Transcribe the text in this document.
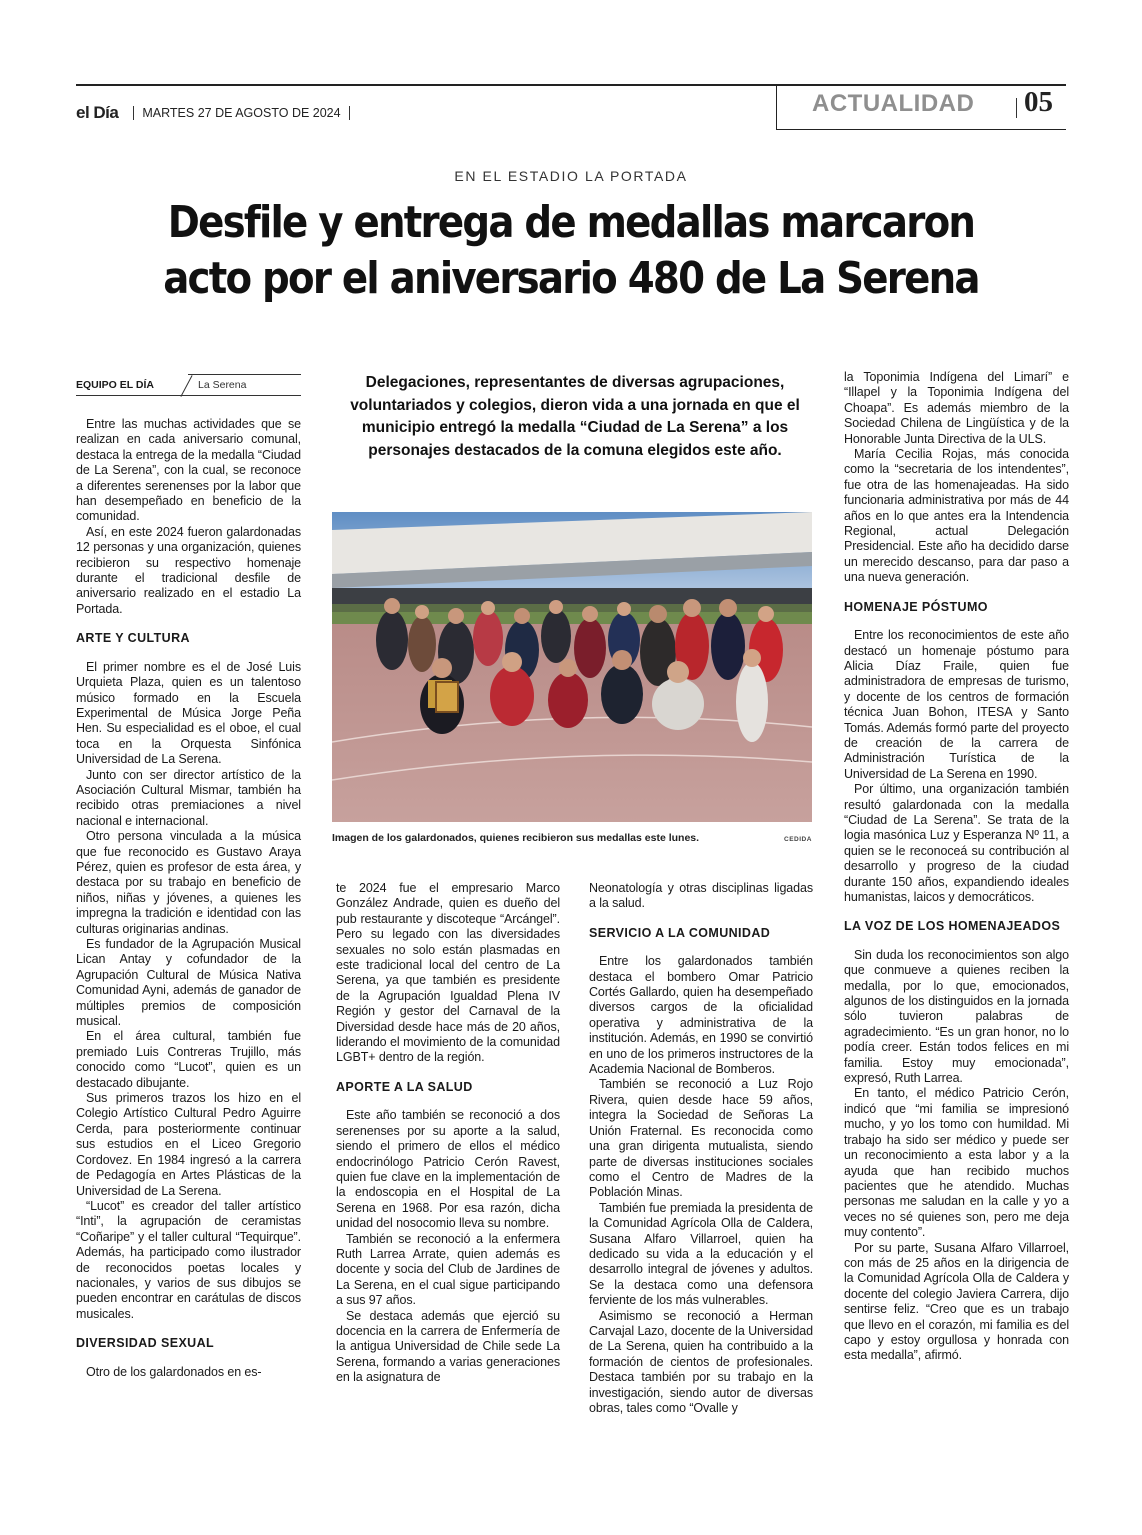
el Día MARTES 27 DE AGOSTO DE 2024	ACTUALIDAD 05
EN EL ESTADIO LA PORTADA
Desfile y entrega de medallas marcaron acto por el aniversario 480 de La Serena
EQUIPO EL DÍA	La Serena	Delegaciones, representantes de diversas agrupaciones, voluntariados y colegios, dieron vida a una jornada en que el municipio entregó la medalla “Ciudad de La Serena” a los personajes destacados de la comuna elegidos este año.
Imagen de los galardonados, quienes recibieron sus medallas este lunes.	CEDIDA

Entre las muchas actividades que se realizan en cada aniversario comunal, destaca la entrega de la medalla “Ciudad de La Serena”, con la cual, se reconoce a diferentes serenenses por la labor que han desempeñado en beneficio de la comunidad.

Así, en este 2024 fueron galardonadas 12 personas y una organización, quienes recibieron su respectivo homenaje durante el tradicional desfile de aniversario realizado en el estadio La Portada.

ARTE Y CULTURA

El primer nombre es el de José Luis Urquieta Plaza, quien es un talentoso músico formado en la Escuela Experimental de Música Jorge Peña Hen. Su especialidad es el oboe, el cual toca en la Orquesta Sinfónica Universidad de La Serena.

Junto con ser director artístico de la Asociación Cultural Mismar, también ha recibido otras premiaciones a nivel nacional e internacional.

Otro persona vinculada a la música que fue reconocido es Gustavo Araya Pérez, quien es profesor de esta área, y destaca por su trabajo en beneficio de niños, niñas y jóvenes, a quienes les impregna la tradición e identidad con las culturas originarias andinas.

Es fundador de la Agrupación Musical Lican Antay y cofundador de la Agrupación Cultural de Música Nativa Comunidad Ayni, además de ganador de múltiples premios de composición musical.

En el área cultural, también fue premiado Luis Contreras Trujillo, más conocido como “Lucot”, quien es un destacado dibujante.

Sus primeros trazos los hizo en el Colegio Artístico Cultural Pedro Aguirre Cerda, para posteriormente continuar sus estudios en el Liceo Gregorio Cordovez. En 1984 ingresó a la carrera de Pedagogía en Artes Plásticas de la Universidad de La Serena.

“Lucot” es creador del taller artístico “Inti”, la agrupación de ceramistas “Coñaripe” y el taller cultural “Tequirque”. Además, ha participado como ilustrador de reconocidos poetas locales y nacionales, y varios de sus dibujos se pueden encontrar en carátulas de discos musicales.

DIVERSIDAD SEXUAL

Otro de los galardonados en es-

te 2024 fue el empresario Marco González Andrade, quien es dueño del pub restaurante y discoteque “Arcángel”. Pero su legado con las diversidades sexuales no solo están plasmadas en este tradicional local del centro de La Serena, ya que también es presidente de la Agrupación Igualdad Plena IV Región y gestor del Carnaval de la Diversidad desde hace más de 20 años, liderando el movimiento de la comunidad LGBT+ dentro de la región.

APORTE A LA SALUD

Este año también se reconoció a dos serenenses por su aporte a la salud, siendo el primero de ellos el médico endocrinólogo Patricio Cerón Ravest, quien fue clave en la implementación de la endoscopia en el Hospital de La Serena en 1968. Por esa razón, dicha unidad del nosocomio lleva su nombre.

También se reconoció a la enfermera Ruth Larrea Arrate, quien además es docente y socia del Club de Jardines de La Serena, en el cual sigue participando a sus 97 años.

Se destaca además que ejerció su docencia en la carrera de Enfermería de la antigua Universidad de Chile sede La Serena, formando a varias generaciones en la asignatura de

Neonatología y otras disciplinas ligadas a la salud.

SERVICIO A LA COMUNIDAD

Entre los galardonados también destaca el bombero Omar Patricio Cortés Gallardo, quien ha desempeñado diversos cargos de la oficialidad operativa y administrativa de la institución. Además, en 1990 se convirtió en uno de los primeros instructores de la Academia Nacional de Bomberos.

También se reconoció a Luz Rojo Rivera, quien desde hace 59 años, integra la Sociedad de Señoras La Unión Fraternal. Es reconocida como una gran dirigenta mutualista, siendo parte de diversas instituciones sociales como el Centro de Madres de la Población Minas.

También fue premiada la presidenta de la Comunidad Agrícola Olla de Caldera, Susana Alfaro Villarroel, quien ha dedicado su vida a la educación y el desarrollo integral de jóvenes y adultos. Se la destaca como una defensora ferviente de los más vulnerables.

Asimismo se reconoció a Herman Carvajal Lazo, docente de la Universidad de La Serena, quien ha contribuido a la formación de cientos de profesionales. Destaca también por su trabajo en la investigación, siendo autor de diversas obras, tales como “Ovalle y

la Toponimia Indígena del Limarí” e “Illapel y la Toponimia Indígena del Choapa”. Es además miembro de la Sociedad Chilena de Lingüística y de la Honorable Junta Directiva de la ULS.

María Cecilia Rojas, más conocida como la “secretaria de los intendentes”, fue otra de las homenajeadas. Ha sido funcionaria administrativa por más de 44 años en lo que antes era la Intendencia Regional, actual Delegación Presidencial. Este año ha decidido darse un merecido descanso, para dar paso a una nueva generación.

HOMENAJE PÓSTUMO

Entre los reconocimientos de este año destacó un homenaje póstumo para Alicia Díaz Fraile, quien fue administradora de empresas de turismo, y docente de los centros de formación técnica Juan Bohon, ITESA y Santo Tomás. Además formó parte del proyecto de creación de la carrera de Administración Turística de la Universidad de La Serena en 1990.

Por último, una organización también resultó galardonada con la medalla “Ciudad de La Serena”. Se trata de la logia masónica Luz y Esperanza Nº 11, a quien se le reconoceá su contribución al desarrollo y progreso de la ciudad durante 150 años, expandiendo ideales humanistas, laicos y democráticos.

LA VOZ DE LOS HOMENAJEADOS

Sin duda los reconocimientos son algo que conmueve a quienes reciben la medalla, por lo que, emocionados, algunos de los distinguidos en la jornada sólo tuvieron palabras de agradecimiento. “Es un gran honor, no lo podía creer. Están todos felices en mi familia. Estoy muy emocionada”, expresó, Ruth Larrea.

En tanto, el médico Patricio Cerón, indicó que “mi familia se impresionó mucho, y yo los tomo con humildad. Mi trabajo ha sido ser médico y puede ser un reconocimiento a esta labor y a la ayuda que han recibido muchos pacientes que he atendido. Muchas personas me saludan en la calle y yo a veces no sé quienes son, pero me deja muy contento”.

Por su parte, Susana Alfaro Villarroel, con más de 25 años en la dirigencia de la Comunidad Agrícola Olla de Caldera y docente del colegio Javiera Carrera, dijo sentirse feliz. “Creo que es un trabajo que llevo en el corazón, mi familia es del capo y estoy orgullosa y honrada con esta medalla”, afirmó.
